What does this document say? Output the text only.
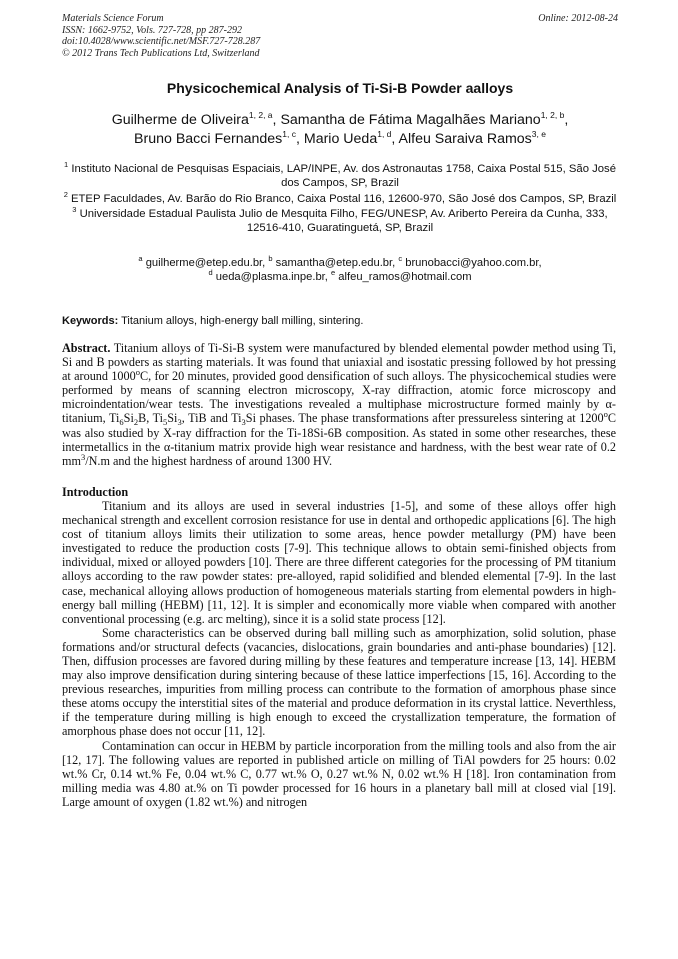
Materials Science Forum
ISSN: 1662-9752, Vols. 727-728, pp 287-292
doi:10.4028/www.scientific.net/MSF.727-728.287
© 2012 Trans Tech Publications Ltd, Switzerland
Online: 2012-08-24
Physicochemical Analysis of Ti-Si-B Powder aalloys
Guilherme de Oliveira$^{1, 2, a}$, Samantha de Fátima Magalhães Mariano$^{1, 2, b}$,
Bruno Bacci Fernandes$^{1, c}$, Mario Ueda$^{1, d}$, Alfeu Saraiva Ramos$^{3, e}$

$^1$ Instituto Nacional de Pesquisas Espaciais, LAP/INPE, Av. dos Astronautas 1758, Caixa Postal 515, São José dos Campos, SP, Brazil

$^2$ ETEP Faculdades, Av. Barão do Rio Branco, Caixa Postal 116, 12600-970, São José dos Campos, SP, Brazil

$^3$ Universidade Estadual Paulista Julio de Mesquita Filho, FEG/UNESP, Av. Ariberto Pereira da Cunha, 333, 12516-410, Guaratinguetá, SP, Brazil

$^a$ guilherme@etep.edu.br, $^b$ samantha@etep.edu.br, $^c$ brunobacci@yahoo.com.br,
$^d$ ueda@plasma.inpe.br, $^e$ alfeu_ramos@hotmail.com
Keywords: Titanium alloys, high-energy ball milling, sintering.

Abstract. Titanium alloys of Ti-Si-B system were manufactured by blended elemental powder method using Ti, Si and B powders as starting materials. It was found that uniaxial and isostatic pressing followed by hot pressing at around 1000$^o$C, for 20 minutes, provided good densification of such alloys. The physicochemical studies were performed by means of scanning electron microscopy, X-ray diffraction, atomic force microscopy and microindentation/wear tests. The investigations revealed a multiphase microstructure formed mainly by α-titanium, $Ti_6Si_2B$, $Ti_5Si_3$, TiB and $Ti_3Si$ phases. The phase transformations after pressureless sintering at 1200$^o$C was also studied by X-ray diffraction for the Ti-18Si-6B composition. As stated in some other researches, these intermetallics in the α-titanium matrix provide high wear resistance and hardness, with the best wear rate of 0.2 $mm^3/N.m$ and the highest hardness of around 1300 HV.

Introduction

Titanium and its alloys are used in several industries [1-5], and some of these alloys offer high mechanical strength and excellent corrosion resistance for use in dental and orthopedic applications [6]. The high cost of titanium alloys limits their utilization to some areas, hence powder metallurgy (PM) have been investigated to reduce the production costs [7-9]. This technique allows to obtain semi-finished objects from individual, mixed or alloyed powders [10]. There are three different categories for the processing of PM titanium alloys according to the raw powder states: pre-alloyed, rapid solidified and blended elemental [7-9]. In the last case, mechanical alloying allows production of homogeneous materials starting from elemental powders in high-energy ball milling (HEBM) [11, 12]. It is simpler and economically more viable when compared with another conventional processing (e.g. arc melting), since it is a solid state process [12].

Some characteristics can be observed during ball milling such as amorphization, solid solution, phase formations and/or structural defects (vacancies, dislocations, grain boundaries and anti-phase boundaries) [12]. Then, diffusion processes are favored during milling by these features and temperature increase [13, 14]. HEBM may also improve densification during sintering because of these lattice imperfections [15, 16]. According to the previous researches, impurities from milling process can contribute to the formation of amorphous phase since these atoms occupy the interstitial sites of the material and produce deformation in its crystal lattice. Neverthless, if the temperature during milling is high enough to exceed the crystallization temperature, the formation of amorphous phase does not occur [11, 12].

Contamination can occur in HEBM by particle incorporation from the milling tools and also from the air [12, 17]. The following values are reported in published article on milling of TiAl powders for 25 hours: 0.02 wt.% Cr, 0.14 wt.% Fe, 0.04 wt.% C, 0.77 wt.% O, 0.27 wt.% N, 0.02 wt.% H [18]. Iron contamination from milling media was 4.80 at.% on Ti powder processed for 16 hours in a planetary ball mill at closed vial [19]. Large amount of oxygen (1.82 wt.%) and nitrogen
